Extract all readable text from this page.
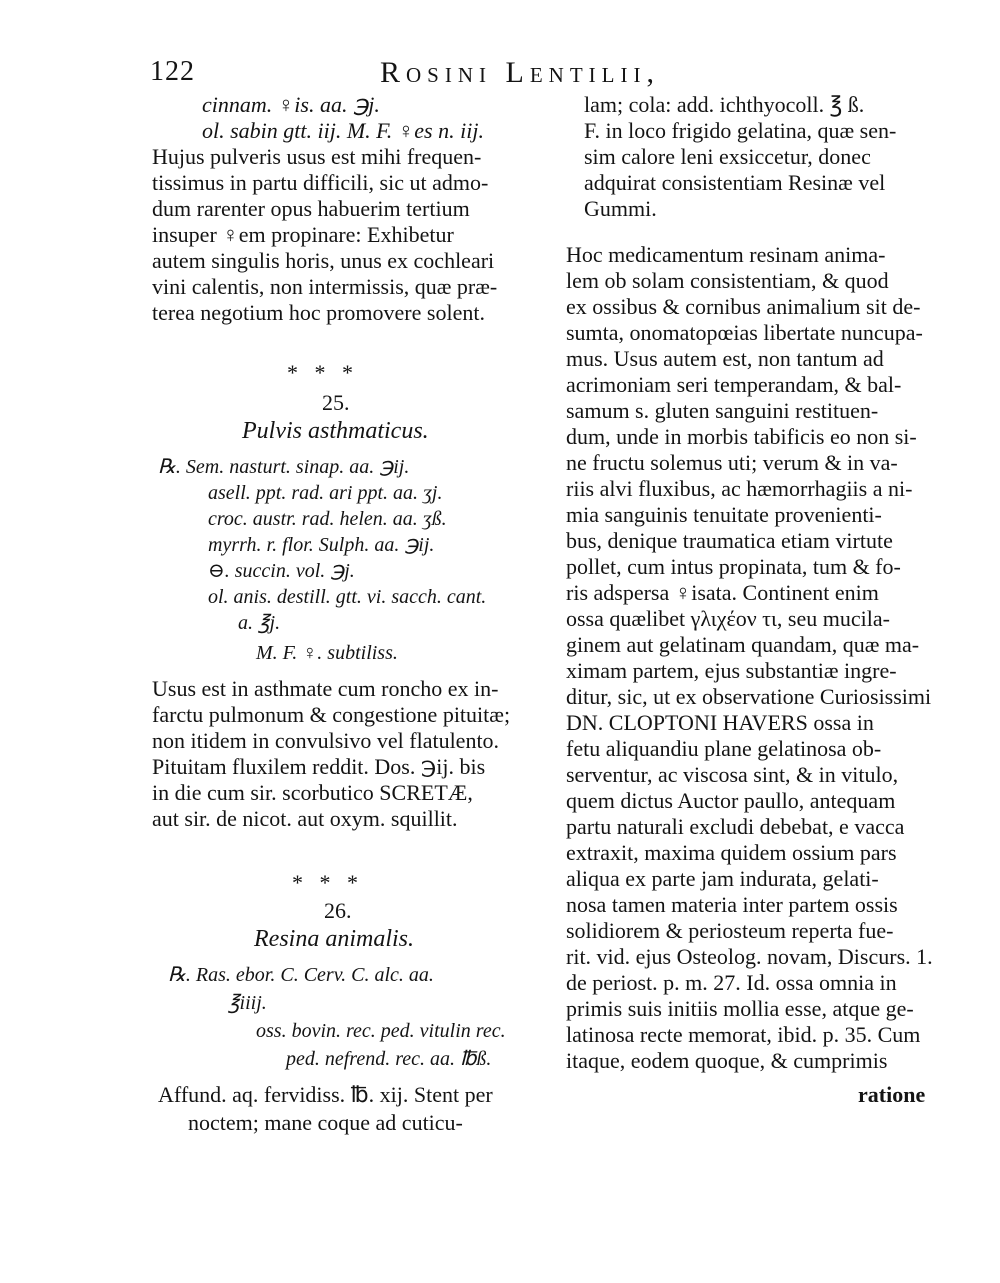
122	Rosini Lentilii,
cinnam. ♀is. aa. ℈j.
ol. sabin gtt. iij. M. F. ♀es n. iij.
Hujus pulveris usus est mihi frequen-
tissimus in partu difficili, sic ut admo-
dum rarenter opus habuerim tertium
insuper ♀em propinare: Exhibetur
autem singulis horis, unus ex cochleari
vini calentis, non intermissis, quæ præ-
terea negotium hoc promovere solent.
*   *   *
25.
Pulvis asthmaticus.
℞. Sem. nasturt. sinap. aa. ℈ij.
asell. ppt. rad. ari ppt. aa. ʒj.
croc. austr. rad. helen. aa. ʒß.
myrrh. r. flor. Sulph. aa. ℈ij.
⊖. succin. vol. ℈j.
ol. anis. destill. gtt. vi. sacch. cant.
a. ℥j.
M. F. ♀. subtiliss.
Usus est in asthmate cum roncho ex in-
farctu pulmonum & congestione pituitæ;
non itidem in convulsivo vel flatulento.
Pituitam fluxilem reddit. Dos. ℈ij. bis
in die cum sir. scorbutico SCRETÆ,
aut sir. de nicot. aut oxym. squillit.
*   *   *
26.
Resina animalis.
℞. Ras. ebor. C. Cerv. C. alc. aa.
℥iiij.
oss. bovin. rec. ped. vitulin rec.
ped. nefrend. rec. aa. ℔ß.
Affund. aq. fervidiss. ℔. xij. Stent per
noctem; mane coque ad cuticu-
lam; cola: add. ichthyocoll. ℥ ß.
F. in loco frigido gelatina, quæ sen-
sim calore leni exsiccetur, donec
adquirat consistentiam Resinæ vel
Gummi.
Hoc medicamentum resinam anima-
lem ob solam consistentiam, & quod
ex ossibus & cornibus animalium sit de-
sumta, onomatopœias libertate nuncupa-
mus. Usus autem est, non tantum ad
acrimoniam seri temperandam, & bal-
samum s. gluten sanguini restituen-
dum, unde in morbis tabificis eo non si-
ne fructu solemus uti; verum & in va-
riis alvi fluxibus, ac hæmorrhagiis a ni-
mia sanguinis tenuitate provenienti-
bus, denique traumatica etiam virtute
pollet, cum intus propinata, tum & fo-
ris adspersa ♀isata. Continent enim
ossa quælibet γλιχέον τι, seu mucila-
ginem aut gelatinam quandam, quæ ma-
ximam partem, ejus substantiæ ingre-
ditur, sic, ut ex observatione Curiosissimi
DN. CLOPTONI HAVERS ossa in
fetu aliquandiu plane gelatinosa ob-
serventur, ac viscosa sint, & in vitulo,
quem dictus Auctor paullo, antequam
partu naturali excludi debebat, e vacca
extraxit, maxima quidem ossium pars
aliqua ex parte jam indurata, gelati-
nosa tamen materia inter partem ossis
solidiorem & periosteum reperta fue-
rit. vid. ejus Osteolog. novam, Discurs. 1.
de periost. p. m. 27. Id. ossa omnia in
primis suis initiis mollia esse, atque ge-
latinosa recte memorat, ibid. p. 35. Cum
itaque, eodem quoque, & cumprimis
ratione
